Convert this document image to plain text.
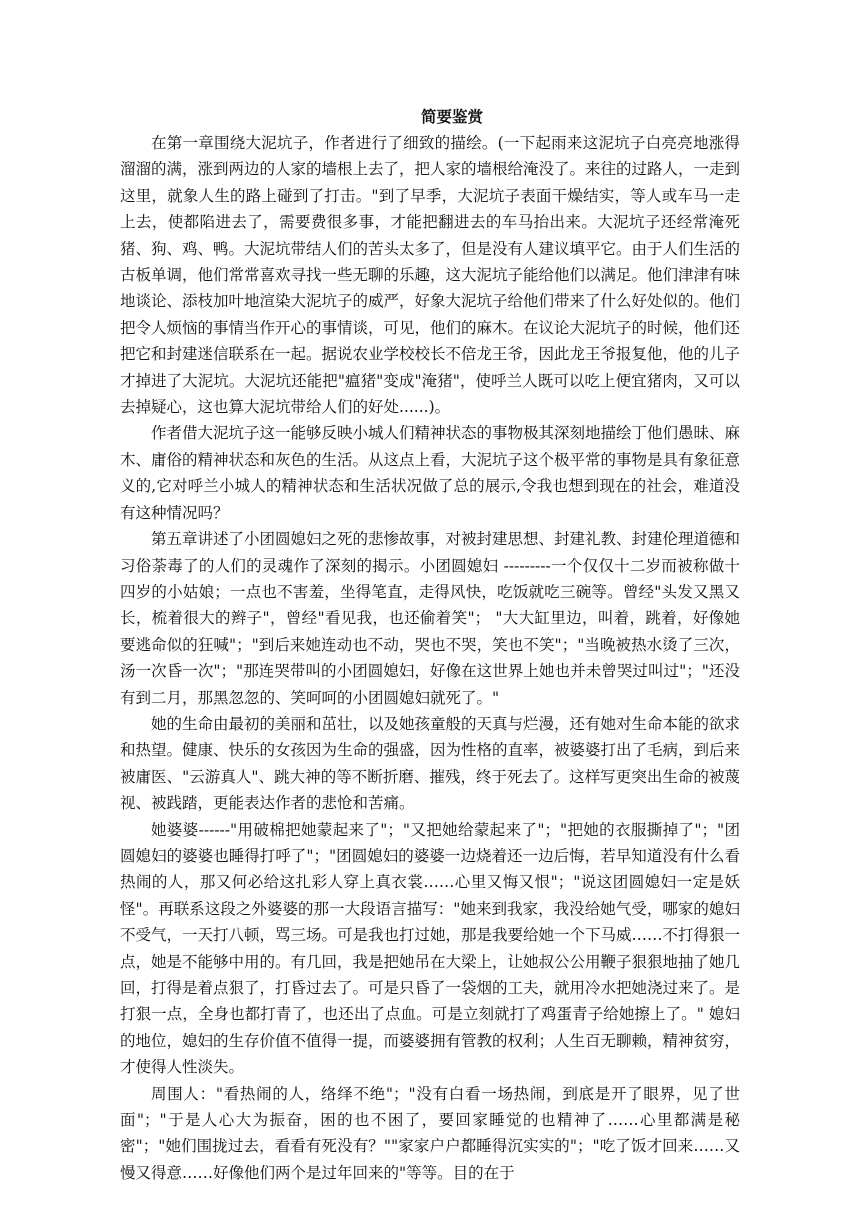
简要鉴赏

在第一章围绕大泥坑子，作者进行了细致的描绘。(一下起雨来这泥坑子白亮亮地涨得溜溜的满，涨到两边的人家的墙根上去了，把人家的墙根给淹没了。来往的过路人，一走到这里，就象人生的路上碰到了打击。"到了早季，大泥坑子表面干燥结实，等人或车马一走上去，使都陷进去了，需要费很多事，才能把翻进去的车马抬出来。大泥坑子还经常淹死猪、狗、鸡、鸭。大泥坑带结人们的苦头太多了，但是没有人建议填平它。由于人们生活的古板单调，他们常常喜欢寻找一些无聊的乐趣，这大泥坑子能给他们以满足。他们津津有味地谈论、添枝加叶地渲染大泥坑子的威严，好象大泥坑子给他们带来了什么好处似的。他们把令人烦恼的事情当作开心的事情谈，可见，他们的麻木。在议论大泥坑子的时候，他们还把它和封建迷信联系在一起。据说农业学校校长不倍龙王爷，因此龙王爷报复他，他的儿子才掉进了大泥坑。大泥坑还能把"瘟猪"变成"淹猪"，使呼兰人既可以吃上便宜猪肉，又可以去掉疑心，这也算大泥坑带给人们的好处......)。

作者借大泥坑子这一能够反映小城人们精神状态的事物极其深刻地描绘丁他们愚昧、麻木、庸俗的精神状态和灰色的生活。从这点上看，大泥坑子这个极平常的事物是具有象征意义的,它对呼兰小城人的精神状态和生活状况做了总的展示,令我也想到现在的社会，难道没有这种情况吗？

第五章讲述了小团圆媳妇之死的悲惨故事，对被封建思想、封建礼教、封建伦理道德和习俗荼毒了的人们的灵魂作了深刻的揭示。小团圆媳妇 ---------一个仅仅十二岁而被称做十四岁的小姑娘；一点也不害羞，坐得笔直，走得风快，吃饭就吃三碗等。曾经"头发又黑又长，梳着很大的辫子"，曾经"看见我，也还偷着笑"； "大大缸里边，叫着，跳着，好像她要逃命似的狂喊"；"到后来她连动也不动，哭也不哭，笑也不笑"；"当晚被热水烫了三次，汤一次昏一次"；"那连哭带叫的小团圆媳妇，好像在这世界上她也并未曾哭过叫过"；"还没有到二月，那黑忽忽的、笑呵呵的小团圆媳妇就死了。"

她的生命由最初的美丽和茁壮，以及她孩童般的天真与烂漫，还有她对生命本能的欲求和热望。健康、快乐的女孩因为生命的强盛，因为性格的直率，被婆婆打出了毛病，到后来被庸医、"云游真人"、跳大神的等不断折磨、摧残，终于死去了。这样写更突出生命的被蔑视、被践踏，更能表达作者的悲怆和苦痛。

她婆婆------"用破棉把她蒙起来了"；"又把她给蒙起来了"；"把她的衣服撕掉了"；"团圆媳妇的婆婆也睡得打呼了"；"团圆媳妇的婆婆一边烧着还一边后悔，若早知道没有什么看热闹的人，那又何必给这扎彩人穿上真衣裳……心里又悔又恨"；"说这团圆媳妇一定是妖怪"。再联系这段之外婆婆的那一大段语言描写："她来到我家，我没给她气受，哪家的媳妇不受气，一天打八顿，骂三场。可是我也打过她，那是我要给她一个下马威……不打得狠一点，她是不能够中用的。有几回，我是把她吊在大梁上，让她叔公公用鞭子狠狠地抽了她几回，打得是着点狠了，打昏过去了。可是只昏了一袋烟的工夫，就用冷水把她浇过来了。是打狠一点，全身也都打青了，也还出了点血。可是立刻就打了鸡蛋青子给她擦上了。" 媳妇的地位，媳妇的生存价值不值得一提，而婆婆拥有管教的权利；人生百无聊赖，精神贫穷，才使得人性淡失。

周围人："看热闹的人，络绎不绝"；"没有白看一场热闹，到底是开了眼界，见了世面"；"于是人心大为振奋，困的也不困了，要回家睡觉的也精神了……心里都满是秘密"；"她们围拢过去，看看有死没有？""家家户户都睡得沉实实的"；"吃了饭才回来……又慢又得意……好像他们两个是过年回来的"等等。目的在于
